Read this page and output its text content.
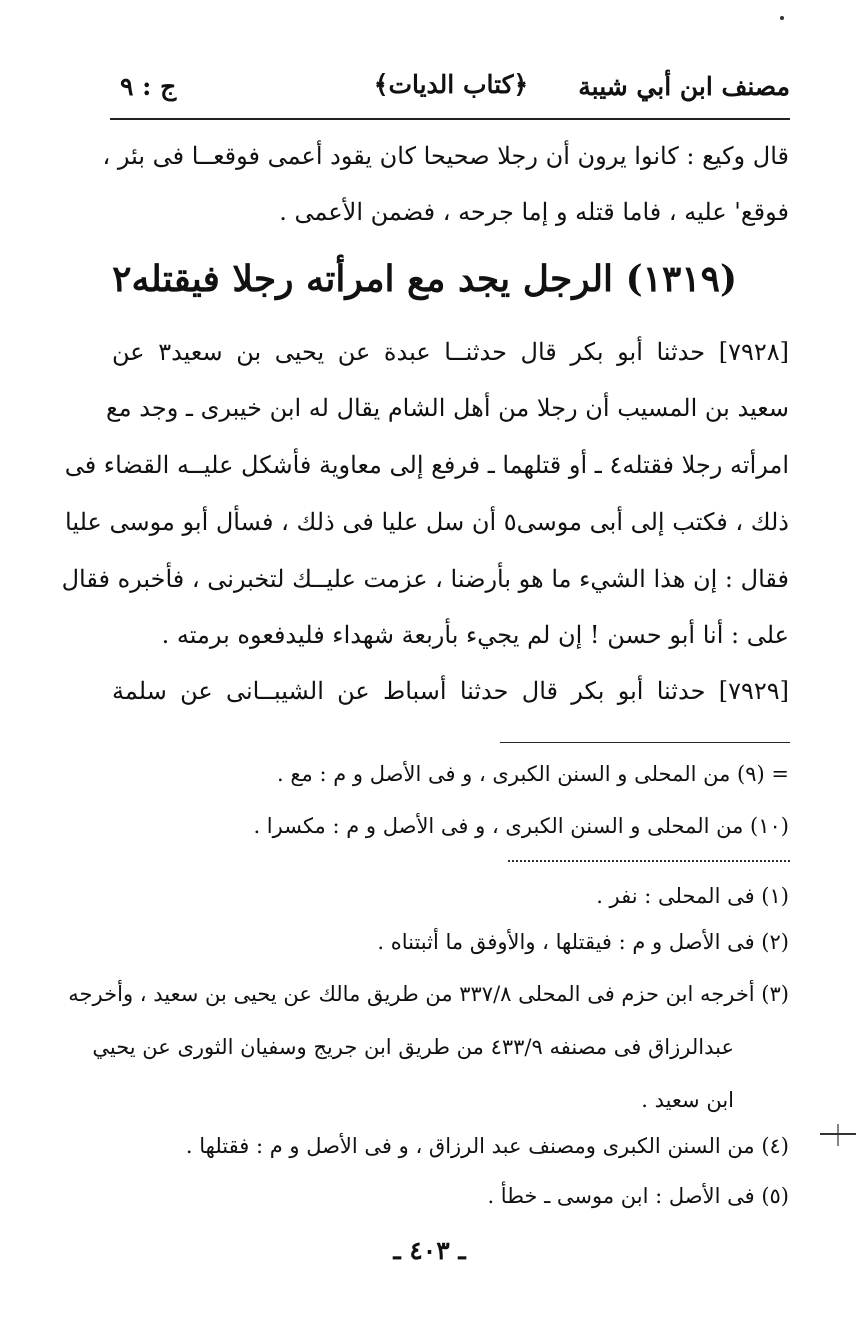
مصنف ابن أبي شيبة
﴿كتاب الديات﴾
ج : ٩
قال وكيع : كانوا يرون أن رجلا صحيحا كان يقود أعمى فوقعــا فى بئر ،
فوقع' عليه ، فاما قتله و إما جرحه ، فضمن الأعمى .
(١٣١٩) الرجل يجد مع امرأته رجلا فيقتله٢
[٧٩٢٨] حدثنا أبو بكر قال حدثنــا عبدة عن يحيى بن سعيد٣ عن
سعيد بن المسيب أن رجلا من أهل الشام يقال له ابن خيبرى ـ وجد مع
امرأته رجلا فقتله٤ ـ أو قتلهما ـ فرفع إلى معاوية فأشكل عليــه القضاء فى
ذلك ، فكتب إلى أبى موسى٥ أن سل عليا فى ذلك ، فسأل أبو موسى عليا
فقال : إن هذا الشيء ما هو بأرضنا ، عزمت عليــك لتخبرنى ، فأخبره فقال
على : أنا أبو حسن ! إن لم يجيء بأربعة شهداء فليدفعوه برمته .
[٧٩٢٩] حدثنا أبو بكر قال حدثنا أسباط عن الشيبــانى عن سلمة
= (٩) من المحلى و السنن الكبرى ، و فى الأصل و م : مع .
(١٠) من المحلى و السنن الكبرى ، و فى الأصل و م : مكسرا .
(١) فى المحلى : نفر .
(٢) فى الأصل و م : فيقتلها ، والأوفق ما أثبتناه .
(٣) أخرجه ابن حزم فى المحلى ٣٣٧/٨ من طريق مالك عن يحيى بن سعيد ، وأخرجه
عبدالرزاق فى مصنفه ٤٣٣/٩ من طريق ابن جريج وسفيان الثورى عن يحيي
ابن سعيد .
(٤) من السنن الكبرى ومصنف عبد الرزاق ، و فى الأصل و م : فقتلها .
(٥) فى الأصل : ابن موسى ـ خطأ .
ـ ٤٠٣ ـ
